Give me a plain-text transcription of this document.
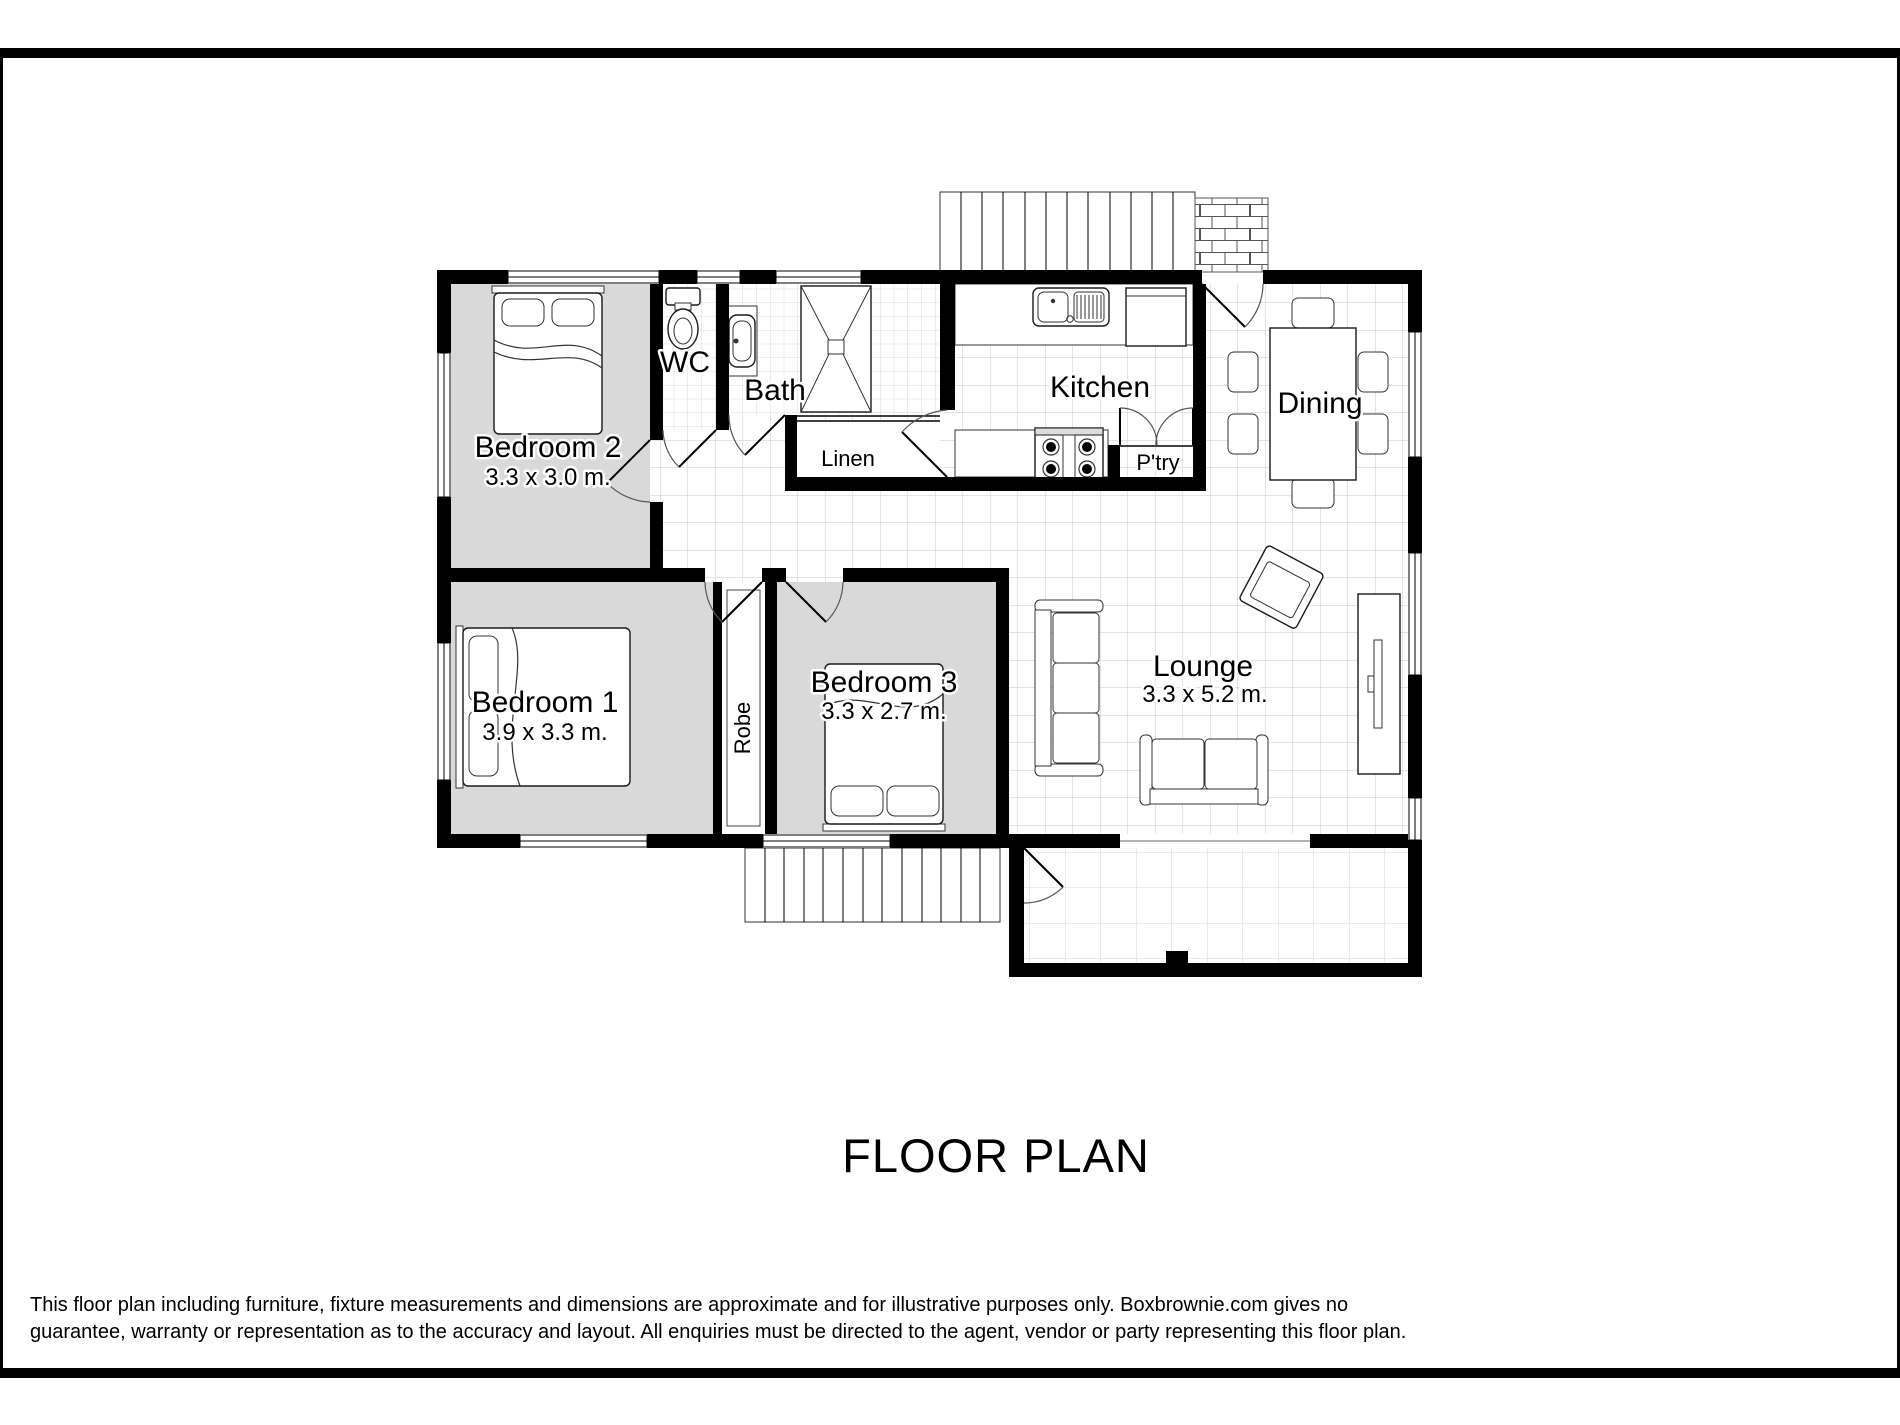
Bedroom 2
3.3 x 3.0 m.
WC
Bath
Linen
Kitchen
P'try
Dining
Bedroom 1
3.9 x 3.3 m.	Robe
Bedroom 3
3.3 x 2.7 m.
Lounge
3.3 x 5.2 m.
FLOOR PLAN
This floor plan including furniture, fixture measurements and dimensions are approximate and for illustrative purposes only. Boxbrownie.com gives no
guarantee, warranty or representation as to the accuracy and layout. All enquiries must be directed to the agent, vendor or party representing this floor plan.
